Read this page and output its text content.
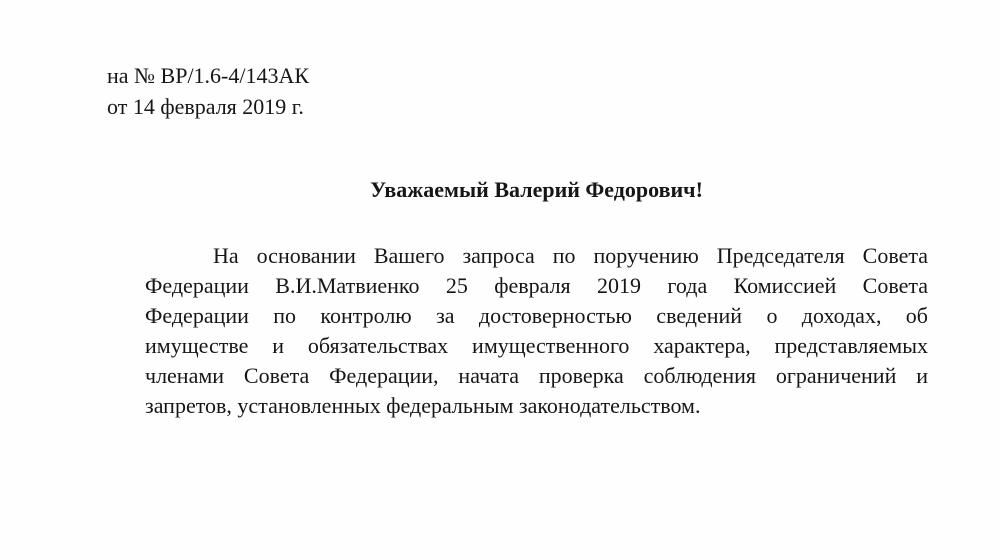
на № ВР/1.6-4/143АК
от 14 февраля 2019 г.
Уважаемый Валерий Федорович!
На основании Вашего запроса по поручению Председателя Совета
Федерации В.И.Матвиенко 25 февраля 2019 года Комиссией Совета
Федерации по контролю за достоверностью сведений о доходах, об
имуществе и обязательствах имущественного характера, представляемых
членами Совета Федерации, начата проверка соблюдения ограничений и
запретов, установленных федеральным законодательством.
